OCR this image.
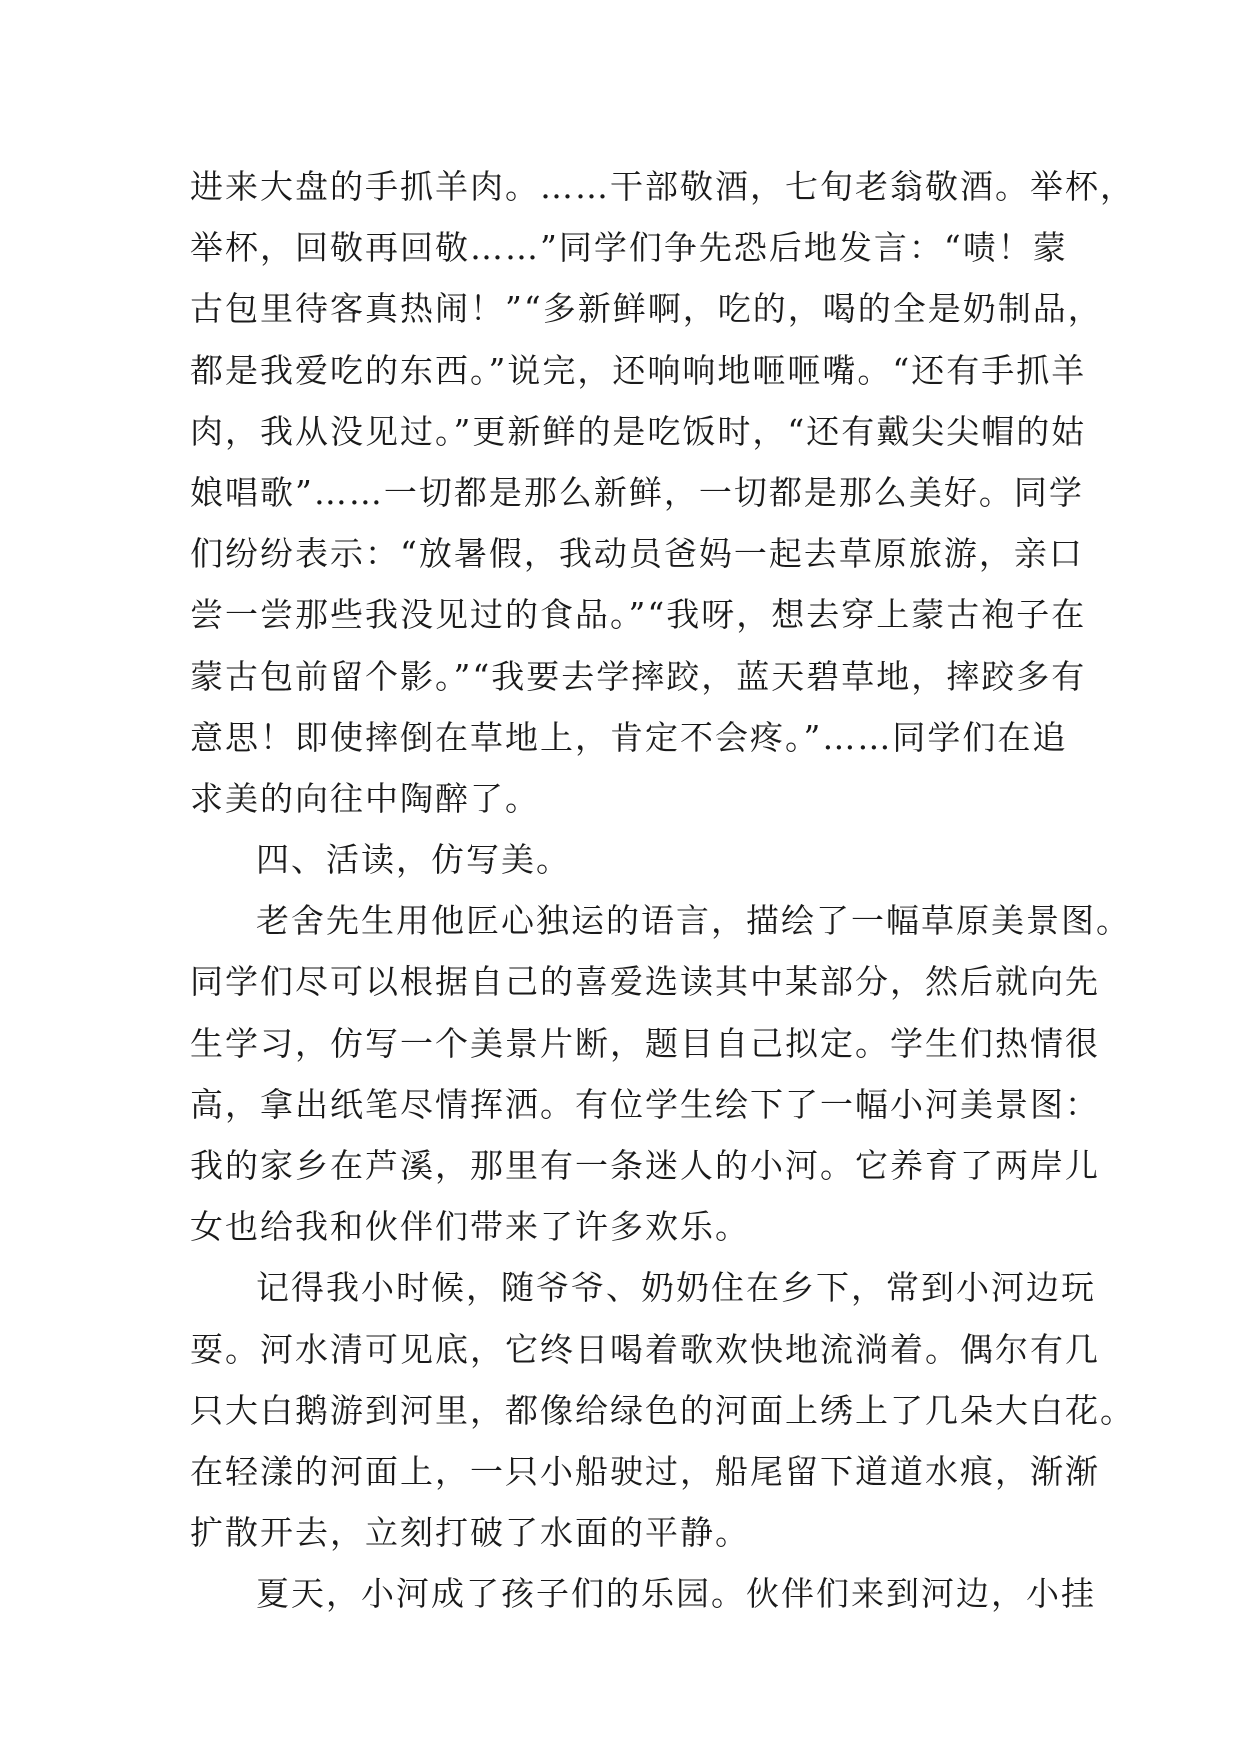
进来大盘的手抓羊肉。……干部敬酒，七旬老翁敬酒。举杯，
举杯，回敬再回敬……”同学们争先恐后地发言：“啧！蒙
古包里待客真热闹！”“多新鲜啊，吃的，喝的全是奶制品，
都是我爱吃的东西。”说完，还响响地咂咂嘴。“还有手抓羊
肉，我从没见过。”更新鲜的是吃饭时，“还有戴尖尖帽的姑
娘唱歌”……一切都是那么新鲜，一切都是那么美好。同学
们纷纷表示：“放暑假，我动员爸妈一起去草原旅游，亲口
尝一尝那些我没见过的食品。”“我呀，想去穿上蒙古袍子在
蒙古包前留个影。”“我要去学摔跤，蓝天碧草地，摔跤多有
意思！即使摔倒在草地上，肯定不会疼。”……同学们在追
求美的向往中陶醉了。
四、活读，仿写美。
老舍先生用他匠心独运的语言，描绘了一幅草原美景图。
同学们尽可以根据自己的喜爱选读其中某部分，然后就向先
生学习，仿写一个美景片断，题目自己拟定。学生们热情很
高，拿出纸笔尽情挥洒。有位学生绘下了一幅小河美景图：
我的家乡在芦溪，那里有一条迷人的小河。它养育了两岸儿
女也给我和伙伴们带来了许多欢乐。
记得我小时候，随爷爷、奶奶住在乡下，常到小河边玩
耍。河水清可见底，它终日喝着歌欢快地流淌着。偶尔有几
只大白鹅游到河里，都像给绿色的河面上绣上了几朵大白花。
在轻漾的河面上，一只小船驶过，船尾留下道道水痕，渐渐
扩散开去，立刻打破了水面的平静。
夏天，小河成了孩子们的乐园。伙伴们来到河边，小挂
